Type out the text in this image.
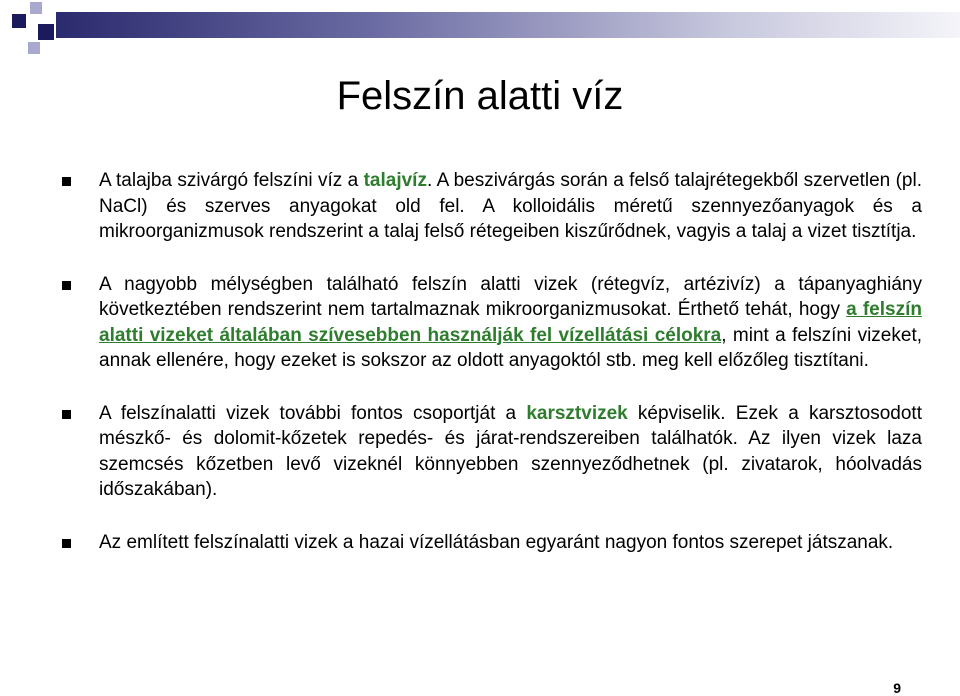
Felszín alatti víz

A talajba szivárgó felszíni víz a talajvíz. A beszivárgás során a felső talajrétegekből szervetlen (pl. NaCl) és szerves anyagokat old fel. A kolloidális méretű szennyezőanyagok és a mikroorganizmusok rendszerint a talaj felső rétegeiben kiszűrődnek, vagyis a talaj a vizet tisztítja.

A nagyobb mélységben található felszín alatti vizek (rétegvíz, artézivíz) a tápanyaghiány következtében rendszerint nem tartalmaznak mikroorganizmusokat. Érthető tehát, hogy a felszín alatti vizeket általában szívesebben használják fel vízellátási célokra, mint a felszíni vizeket, annak ellenére, hogy ezeket is sokszor az oldott anyagoktól stb. meg kell előzőleg tisztítani.

A felszínalatti vizek további fontos csoportját a karsztvizek képviselik. Ezek a karsztosodott mészkő- és dolomit-kőzetek repedés- és járat-rendszereiben találhatók. Az ilyen vizek laza szemcsés kőzetben levő vizeknél könnyebben szennyeződhetnek (pl. zivatarok, hóolvadás időszakában).

Az említett felszínalatti vizek a hazai vízellátásban egyaránt nagyon fontos szerepet játszanak.

9
